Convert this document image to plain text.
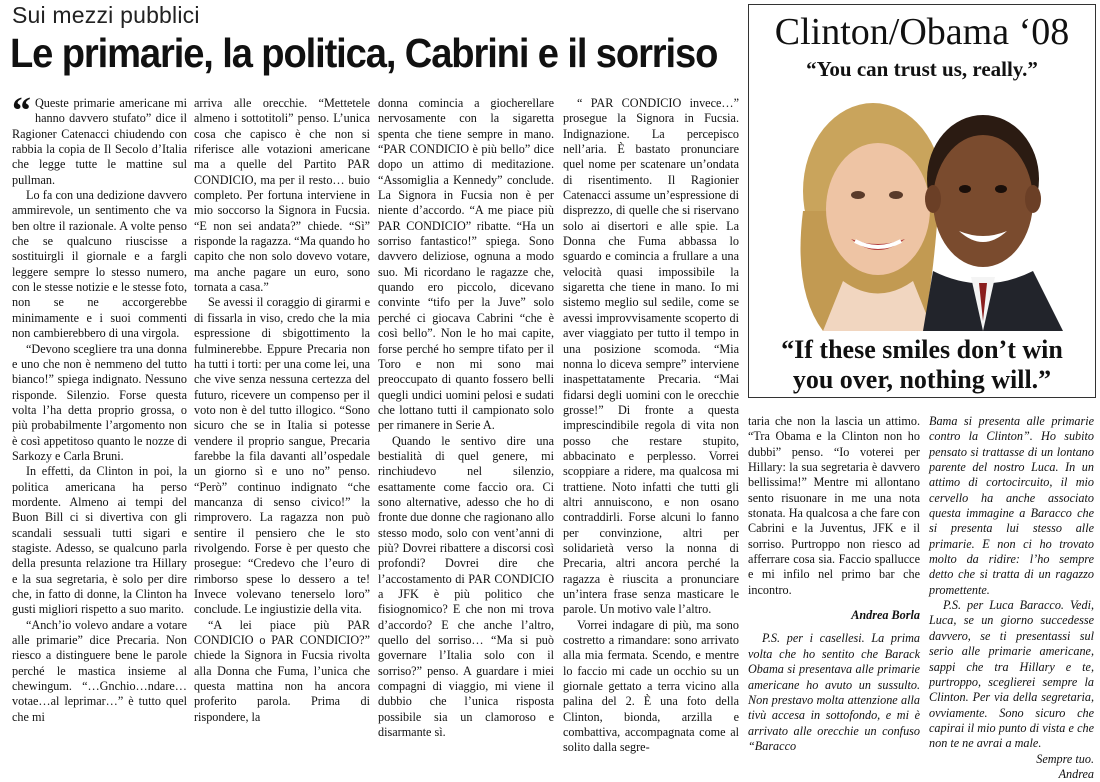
Sui mezzi pubblici
Le primarie, la politica, Cabrini e il sorriso

“ Queste primarie americane mi hanno davvero stufato” dice il Ragioner Catenacci chiudendo con rabbia la copia de Il Secolo d’Italia che legge tutte le mattine sul pullman.

Lo fa con una dedizione davvero ammirevole, un sentimento che va ben oltre il razionale. A volte penso che se qualcuno riuscisse a sostituirgli il giornale e a fargli leggere sempre lo stesso numero, con le stesse notizie e le stesse foto, non se ne accorgerebbe minimamente e i suoi commenti non cambierebbero di una virgola.

“Devono scegliere tra una donna e uno che non è nemmeno del tutto bianco!” spiega indignato. Nessuno risponde. Silenzio. Forse questa volta l’ha detta proprio grossa, o più probabilmente l’argomento non è così appetitoso quanto le nozze di Sarkozy e Carla Bruni.

In effetti, da Clinton in poi, la politica americana ha perso mordente. Almeno ai tempi del Buon Bill ci si divertiva con gli scandali sessuali tutti sigari e stagiste. Adesso, se qualcuno parla della presunta relazione tra Hillary e la sua segretaria, è solo per dire che, in fatto di donne, la Clinton ha gusti migliori rispetto a suo marito.

“Anch’io volevo andare a votare alle primarie” dice Precaria. Non riesco a distinguere bene le parole perché le mastica insieme al chewingum. “…Gnchio…ndare…votae…al leprimar…” è tutto quel che mi

arriva alle orecchie. “Mettetele almeno i sottotitoli” penso. L’unica cosa che capisco è che non si riferisce alle votazioni americane ma a quelle del Partito PAR CONDICIO, ma per il resto… buio completo. Per fortuna interviene in mio soccorso la Signora in Fucsia. “E non sei andata?” chiede. “Sì” risponde la ragazza. “Ma quando ho capito che non solo dovevo votare, ma anche pagare un euro, sono tornata a casa.”

Se avessi il coraggio di girarmi e di fissarla in viso, credo che la mia espressione di sbigottimento la fulminerebbe. Eppure Precaria non ha tutti i torti: per una come lei, una che vive senza nessuna certezza del futuro, ricevere un compenso per il voto non è del tutto illogico. “Sono sicuro che se in Italia si potesse vendere il proprio sangue, Precaria farebbe la fila davanti all’ospedale un giorno sì e uno no” penso. “Però” continuo indignato “che mancanza di senso civico!” la rimprovero. La ragazza non può sentire il pensiero che le sto rivolgendo. Forse è per questo che prosegue: “Credevo che l’euro di rimborso spese lo dessero a te! Invece volevano tenerselo loro” conclude. Le ingiustizie della vita.

“A lei piace più PAR CONDICIO o PAR CONDICIO?” chiede la Signora in Fucsia rivolta alla Donna che Fuma, l’unica che questa mattina non ha ancora proferito parola. Prima di rispondere, la

donna comincia a giocherellare nervosamente con la sigaretta spenta che tiene sempre in mano. “PAR CONDICIO è più bello” dice dopo un attimo di meditazione. “Assomiglia a Kennedy” conclude. La Signora in Fucsia non è per niente d’accordo. “A me piace più PAR CONDICIO” ribatte. “Ha un sorriso fantastico!” spiega. Sono davvero deliziose, ognuna a modo suo. Mi ricordano le ragazze che, quando ero piccolo, dicevano convinte “tifo per la Juve” solo perché ci giocava Cabrini “che è così bello”. Non le ho mai capite, forse perché ho sempre tifato per il Toro e non mi sono mai preoccupato di quanto fossero belli quegli undici uomini pelosi e sudati che lottano tutti il campionato solo per rimanere in Serie A.

Quando le sentivo dire una bestialità di quel genere, mi rinchiudevo nel silenzio, esattamente come faccio ora. Ci sono alternative, adesso che ho di fronte due donne che ragionano allo stesso modo, solo con vent’anni di più? Dovrei ribattere a discorsi così profondi? Dovrei dire che l’accostamento di PAR CONDICIO a JFK è più politico che fisiognomico? E che non mi trova d’accordo? E che anche l’altro, quello del sorriso… “Ma si può governare l’Italia solo con il sorriso?” penso. A guardare i miei compagni di viaggio, mi viene il dubbio che l’unica risposta possibile sia un clamoroso e disarmante sì.

“ PAR CONDICIO invece…” prosegue la Signora in Fucsia. Indignazione. La percepisco nell’aria. È bastato pronunciare quel nome per scatenare un’ondata di risentimento. Il Ragionier Catenacci assume un’espressione di disprezzo, di quelle che si riservano solo ai disertori e alle spie. La Donna che Fuma abbassa lo sguardo e comincia a frullare a una velocità quasi impossibile la sigaretta che tiene in mano. Io mi sistemo meglio sul sedile, come se avessi improvvisamente scoperto di aver viaggiato per tutto il tempo in una posizione scomoda. “Mia nonna lo diceva sempre” interviene inaspettatamente Precaria. “Mai fidarsi degli uomini con le orecchie grosse!” Di fronte a questa imprescindibile regola di vita non posso che restare stupito, abbacinato e perplesso. Vorrei scoppiare a ridere, ma qualcosa mi trattiene. Noto infatti che tutti gli altri annuiscono, e non osano contraddirli. Forse alcuni lo fanno per convinzione, altri per solidarietà verso la nonna di Precaria, altri ancora perché la ragazza è riuscita a pronunciare un’intera frase senza masticare le parole. Un motivo vale l’altro.

Vorrei indagare di più, ma sono costretto a rimandare: sono arrivato alla mia fermata. Scendo, e mentre lo faccio mi cade un occhio su un giornale gettato a terra vicino alla palina del 2. È una foto della Clinton, bionda, arzilla e combattiva, accompagnata come al solito dalla segre-

Clinton/Obama ‘08
“You can trust us, really.”
“If these smiles don’t win
you over, nothing will.”

taria che non la lascia un attimo. “Tra Obama e la Clinton non ho dubbi” penso. “Io voterei per Hillary: la sua segretaria è davvero bellissima!” Mentre mi allontano sento risuonare in me una nota stonata. Ha qualcosa a che fare con Cabrini e la Juventus, JFK e il sorriso. Purtroppo non riesco ad afferrare cosa sia. Faccio spallucce e mi infilo nel primo bar che incontro.

Andrea Borla

P.S. per i casellesi. La prima volta che ho sentito che Barack Obama si presentava alle primarie americane ho avuto un sussulto. Non prestavo molta attenzione alla tivù accesa in sottofondo, e mi è arrivato alle orecchie un confuso “Baracco

Bama si presenta alle primarie contro la Clinton”. Ho subito pensato si trattasse di un lontano parente del nostro Luca. In un attimo di cortocircuito, il mio cervello ha anche associato questa immagine a Baracco che si presenta lui stesso alle primarie. E non ci ho trovato molto da ridire: l’ho sempre detto che si tratta di un ragazzo promettente.

P.S. per Luca Baracco. Vedi, Luca, se un giorno succedesse davvero, se ti presentassi sul serio alle primarie americane, sappi che tra Hillary e te, purtroppo, sceglierei sempre la Clinton. Per via della segretaria, ovviamente. Sono sicuro che capirai il mio punto di vista e che non te ne avrai a male.

Sempre tuo.
Andrea
